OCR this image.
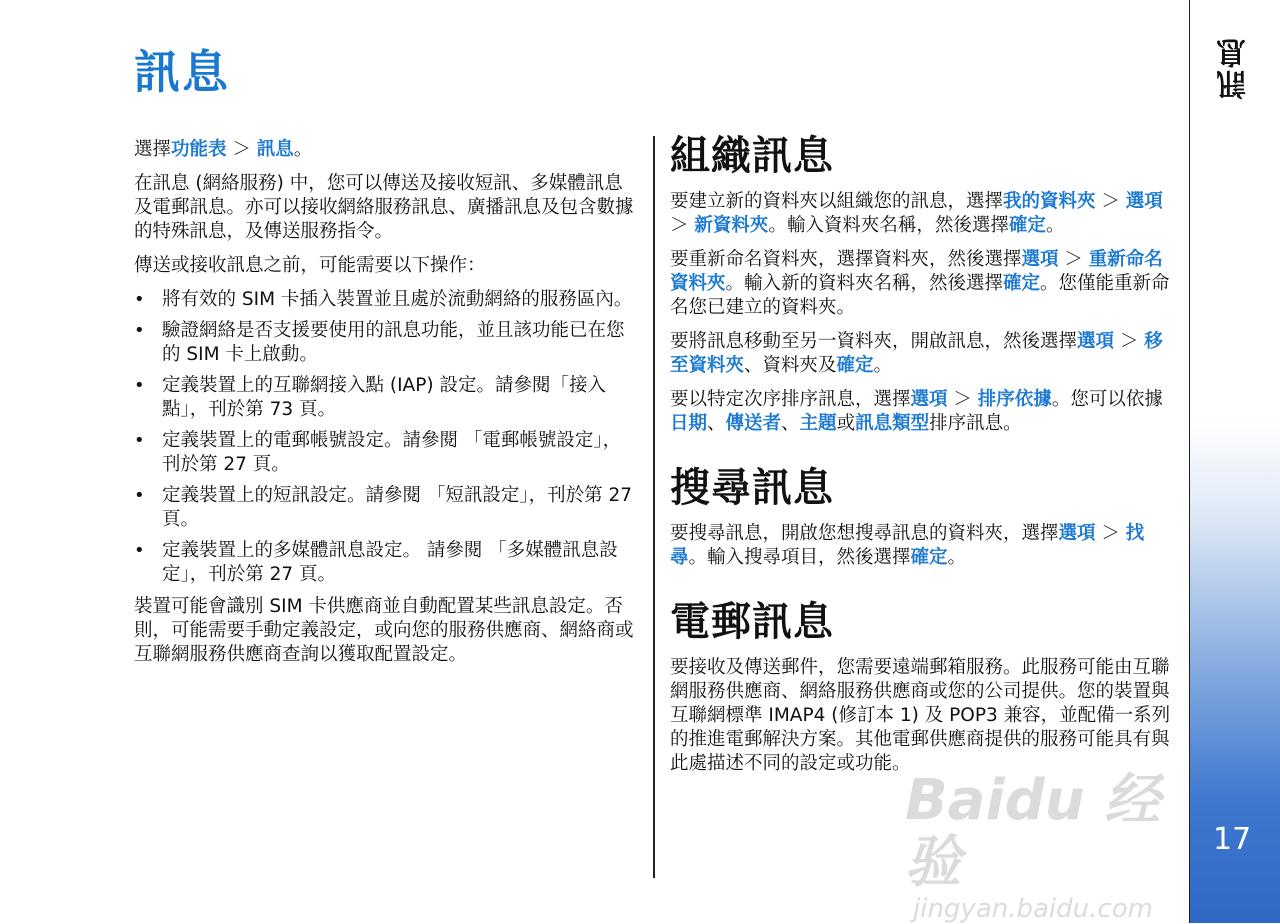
訊息

選擇功能表 ＞ 訊息。

在訊息 (網絡服務) 中，您可以傳送及接收短訊、多媒體訊息及電郵訊息。亦可以接收網絡服務訊息、廣播訊息及包含數據的特殊訊息，及傳送服務指令。

傳送或接收訊息之前，可能需要以下操作：

• 將有效的 SIM 卡插入裝置並且處於流動網絡的服務區內。
• 驗證網絡是否支援要使用的訊息功能，並且該功能已在您的 SIM 卡上啟動。
• 定義裝置上的互聯網接入點 (IAP) 設定。請參閱「接入點」，刊於第 73 頁。
• 定義裝置上的電郵帳號設定。請參閱 「電郵帳號設定」，刊於第 27 頁。
• 定義裝置上的短訊設定。請參閱 「短訊設定」，刊於第 27 頁。
• 定義裝置上的多媒體訊息設定。 請參閱 「多媒體訊息設定」，刊於第 27 頁。

裝置可能會識別 SIM 卡供應商並自動配置某些訊息設定。否則，可能需要手動定義設定，或向您的服務供應商、網絡商或互聯網服務供應商查詢以獲取配置設定。

組織訊息

要建立新的資料夾以組織您的訊息，選擇我的資料夾 ＞ 選項 ＞ 新資料夾。輸入資料夾名稱，然後選擇確定。

要重新命名資料夾，選擇資料夾，然後選擇選項 ＞ 重新命名資料夾。輸入新的資料夾名稱，然後選擇確定。您僅能重新命名您已建立的資料夾。

要將訊息移動至另一資料夾，開啟訊息，然後選擇選項 ＞ 移至資料夾、資料夾及確定。

要以特定次序排序訊息，選擇選項 ＞ 排序依據。您可以依據日期、傳送者、主題或訊息類型排序訊息。

搜尋訊息

要搜尋訊息，開啟您想搜尋訊息的資料夾，選擇選項 ＞ 找尋。輸入搜尋項目，然後選擇確定。

電郵訊息

要接收及傳送郵件，您需要遠端郵箱服務。此服務可能由互聯網服務供應商、網絡服務供應商或您的公司提供。您的裝置與互聯網標準 IMAP4 (修訂本 1) 及 POP3 兼容，並配備一系列的推進電郵解決方案。其他電郵供應商提供的服務可能具有與此處描述不同的設定或功能。

訊息
17
Baidu 经验
jingyan.baidu.com
